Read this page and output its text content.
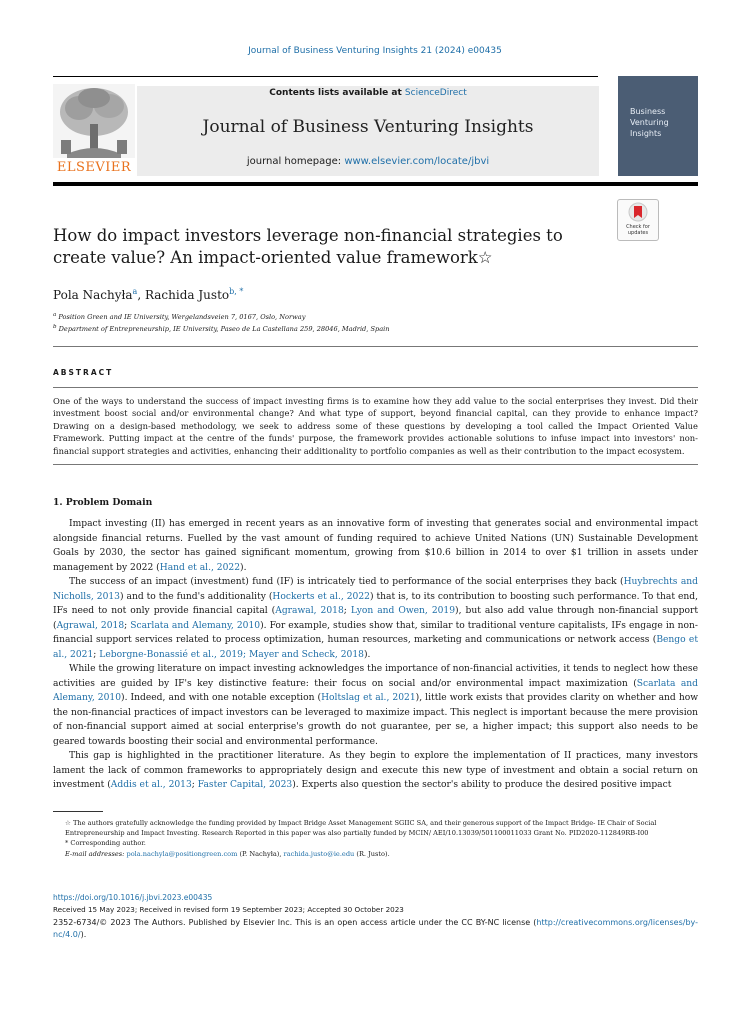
Journal of Business Venturing Insights 21 (2024) e00435
ELSEVIER
Contents lists available at ScienceDirect
Journal of Business Venturing Insights
journal homepage: www.elsevier.com/locate/jbvi
Business Venturing Insights
Check for updates
How do impact investors leverage non-financial strategies to create value? An impact-oriented value framework☆
Pola Nachyła$^a$, Rachida Justo$^{b, *}$
$^a$ Position Green and IE University, Wergelandsveien 7, 0167, Oslo, Norway
$^b$ Department of Entrepreneurship, IE University, Paseo de La Castellana 259, 28046, Madrid, Spain
ABSTRACT
One of the ways to understand the success of impact investing firms is to examine how they add value to the social enterprises they invest. Did their investment boost social and/or environmental change? And what type of support, beyond financial capital, can they provide to enhance impact? Drawing on a design-based methodology, we seek to address some of these questions by developing a tool called the Impact Oriented Value Framework. Putting impact at the centre of the funds' purpose, the framework provides actionable solutions to infuse impact into investors' non-financial support strategies and activities, enhancing their additionality to portfolio companies as well as their contribution to the impact ecosystem.
1. Problem Domain

Impact investing (II) has emerged in recent years as an innovative form of investing that generates social and environmental impact alongside financial returns. Fuelled by the vast amount of funding required to achieve United Nations (UN) Sustainable Development Goals by 2030, the sector has gained significant momentum, growing from $10.6 billion in 2014 to over $1 trillion in assets under management by 2022 (Hand et al., 2022).

The success of an impact (investment) fund (IF) is intricately tied to performance of the social enterprises they back (Huybrechts and Nicholls, 2013) and to the fund's additionality (Hockerts et al., 2022) that is, to its contribution to boosting such performance. To that end, IFs need to not only provide financial capital (Agrawal, 2018; Lyon and Owen, 2019), but also add value through non-financial support (Agrawal, 2018; Scarlata and Alemany, 2010). For example, studies show that, similar to traditional venture capitalists, IFs engage in non-financial support services related to process optimization, human resources, marketing and communications or network access (Bengo et al., 2021; Leborgne-Bonassié et al., 2019; Mayer and Scheck, 2018).

While the growing literature on impact investing acknowledges the importance of non-financial activities, it tends to neglect how these activities are guided by IF's key distinctive feature: their focus on social and/or environmental impact maximization (Scarlata and Alemany, 2010). Indeed, and with one notable exception (Holtslag et al., 2021), little work exists that provides clarity on whether and how the non-financial practices of impact investors can be leveraged to maximize impact. This neglect is important because the mere provision of non-financial support aimed at social enterprise's growth do not guarantee, per se, a higher impact; this support also needs to be geared towards boosting their social and environmental performance.

This gap is highlighted in the practitioner literature. As they begin to explore the implementation of II practices, many investors lament the lack of common frameworks to appropriately design and execute this new type of investment and obtain a social return on investment (Addis et al., 2013; Faster Capital, 2023). Experts also question the sector's ability to produce the desired positive impact

☆ The authors gratefully acknowledge the funding provided by Impact Bridge Asset Management SGIIC SA, and their generous support of the Impact Bridge- IE Chair of Social Entrepreneurship and Impact Investing. Research Reported in this paper was also partially funded by MCIN/ AEI/10.13039/501100011033 Grant No. PID2020-112849RB-I00

* Corresponding author.

E-mail addresses: pola.nachyla@positiongreen.com (P. Nachyła), rachida.justo@ie.edu (R. Justo).

https://doi.org/10.1016/j.jbvi.2023.e00435
Received 15 May 2023; Received in revised form 19 September 2023; Accepted 30 October 2023
2352-6734/© 2023 The Authors. Published by Elsevier Inc. This is an open access article under the CC BY-NC license (http://creativecommons.org/licenses/by-nc/4.0/).
